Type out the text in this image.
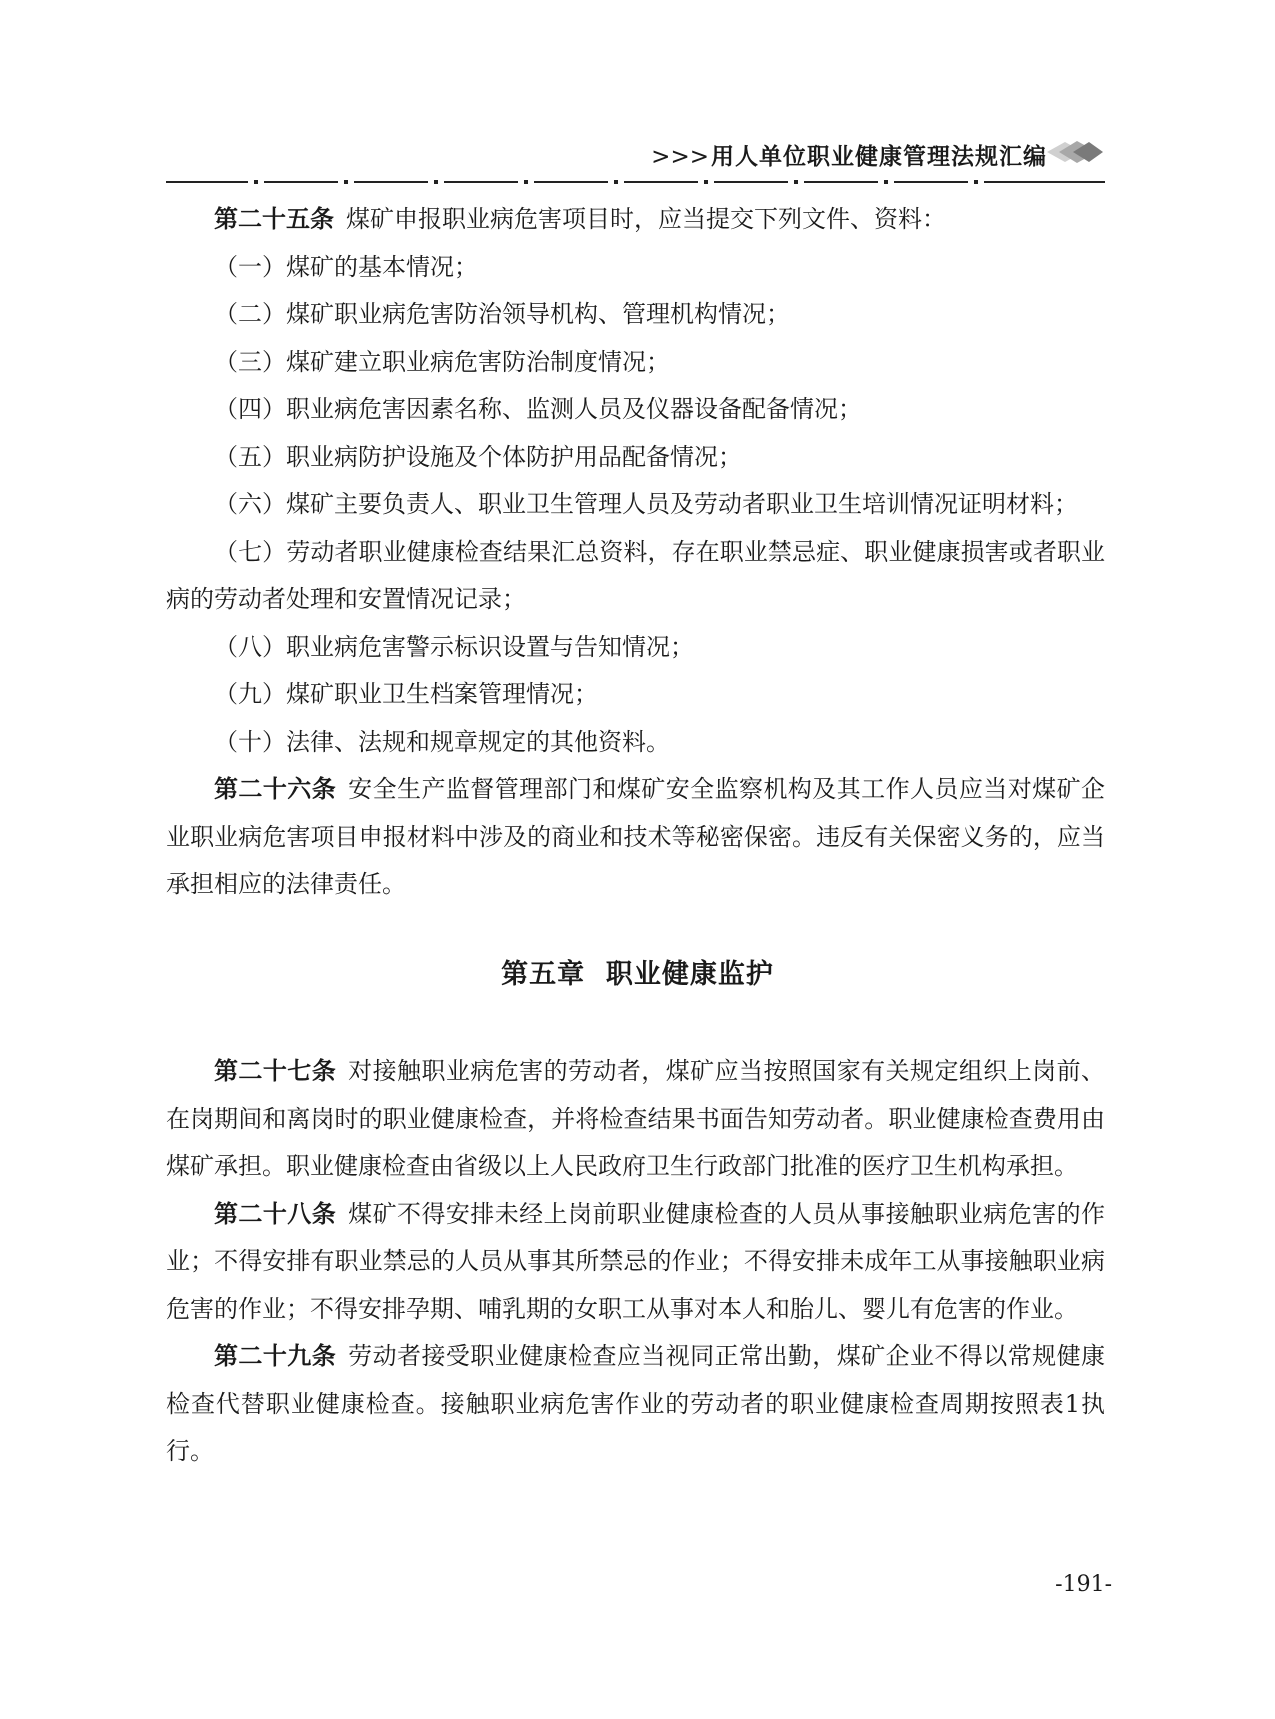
>>>用人单位职业健康管理法规汇编

第二十五条 煤矿申报职业病危害项目时，应当提交下列文件、资料：

（一）煤矿的基本情况；

（二）煤矿职业病危害防治领导机构、管理机构情况；

（三）煤矿建立职业病危害防治制度情况；

（四）职业病危害因素名称、监测人员及仪器设备配备情况；

（五）职业病防护设施及个体防护用品配备情况；

（六）煤矿主要负责人、职业卫生管理人员及劳动者职业卫生培训情况证明材料；

（七）劳动者职业健康检查结果汇总资料，存在职业禁忌症、职业健康损害或者职业病的劳动者处理和安置情况记录；

（八）职业病危害警示标识设置与告知情况；

（九）煤矿职业卫生档案管理情况；

（十）法律、法规和规章规定的其他资料。

第二十六条 安全生产监督管理部门和煤矿安全监察机构及其工作人员应当对煤矿企业职业病危害项目申报材料中涉及的商业和技术等秘密保密。违反有关保密义务的，应当承担相应的法律责任。

第五章 职业健康监护

第二十七条 对接触职业病危害的劳动者，煤矿应当按照国家有关规定组织上岗前、在岗期间和离岗时的职业健康检查，并将检查结果书面告知劳动者。职业健康检查费用由煤矿承担。职业健康检查由省级以上人民政府卫生行政部门批准的医疗卫生机构承担。

第二十八条 煤矿不得安排未经上岗前职业健康检查的人员从事接触职业病危害的作业；不得安排有职业禁忌的人员从事其所禁忌的作业；不得安排未成年工从事接触职业病危害的作业；不得安排孕期、哺乳期的女职工从事对本人和胎儿、婴儿有危害的作业。

第二十九条 劳动者接受职业健康检查应当视同正常出勤，煤矿企业不得以常规健康检查代替职业健康检查。接触职业病危害作业的劳动者的职业健康检查周期按照表1执行。

-191-
